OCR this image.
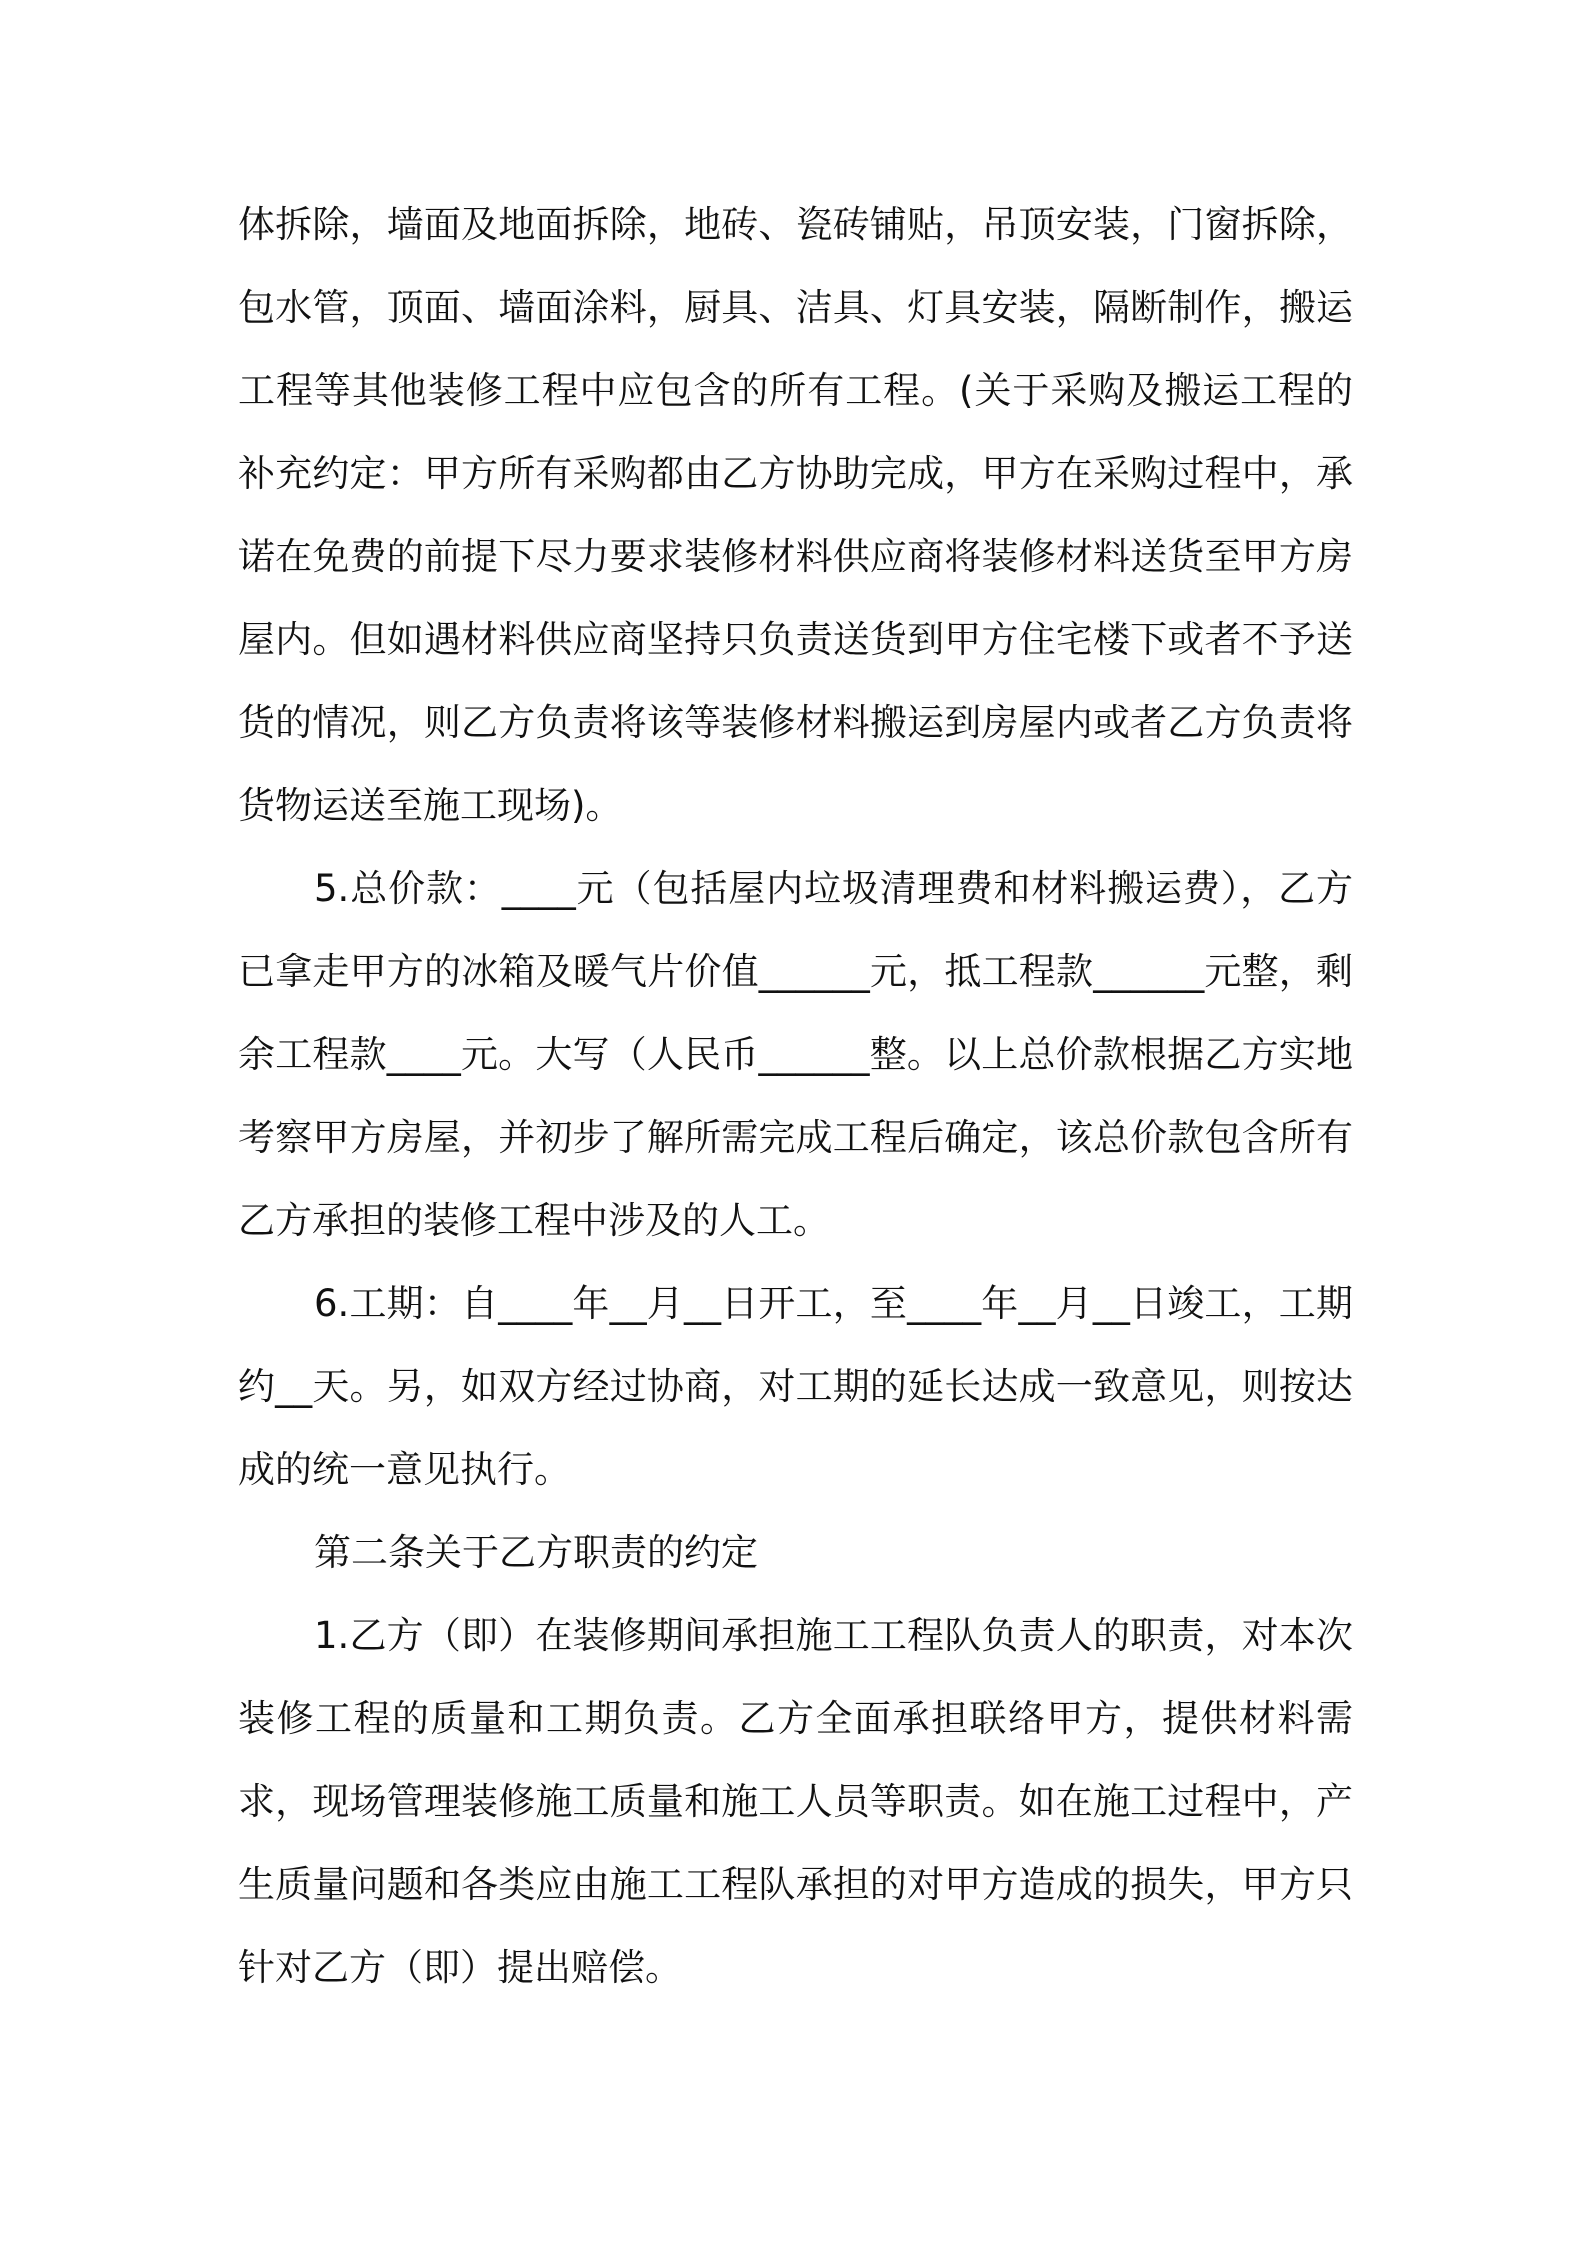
体拆除，墙面及地面拆除，地砖、瓷砖铺贴，吊顶安装，门窗拆除，包水管，顶面、墙面涂料，厨具、洁具、灯具安装，隔断制作，搬运工程等其他装修工程中应包含的所有工程。(关于采购及搬运工程的补充约定：甲方所有采购都由乙方协助完成，甲方在采购过程中，承诺在免费的前提下尽力要求装修材料供应商将装修材料送货至甲方房屋内。但如遇材料供应商坚持只负责送货到甲方住宅楼下或者不予送货的情况，则乙方负责将该等装修材料搬运到房屋内或者乙方负责将货物运送至施工现场)。

5.总价款：____元（包括屋内垃圾清理费和材料搬运费），乙方已拿走甲方的冰箱及暖气片价值______元，抵工程款______元整，剩余工程款____元。大写（人民币______整。以上总价款根据乙方实地考察甲方房屋，并初步了解所需完成工程后确定，该总价款包含所有乙方承担的装修工程中涉及的人工。

6.工期：自____年__月__日开工，至____年__月__日竣工，工期约__天。另，如双方经过协商，对工期的延长达成一致意见，则按达成的统一意见执行。

第二条关于乙方职责的约定

1.乙方（即）在装修期间承担施工工程队负责人的职责，对本次装修工程的质量和工期负责。乙方全面承担联络甲方，提供材料需求，现场管理装修施工质量和施工人员等职责。如在施工过程中，产生质量问题和各类应由施工工程队承担的对甲方造成的损失，甲方只针对乙方（即）提出赔偿。
